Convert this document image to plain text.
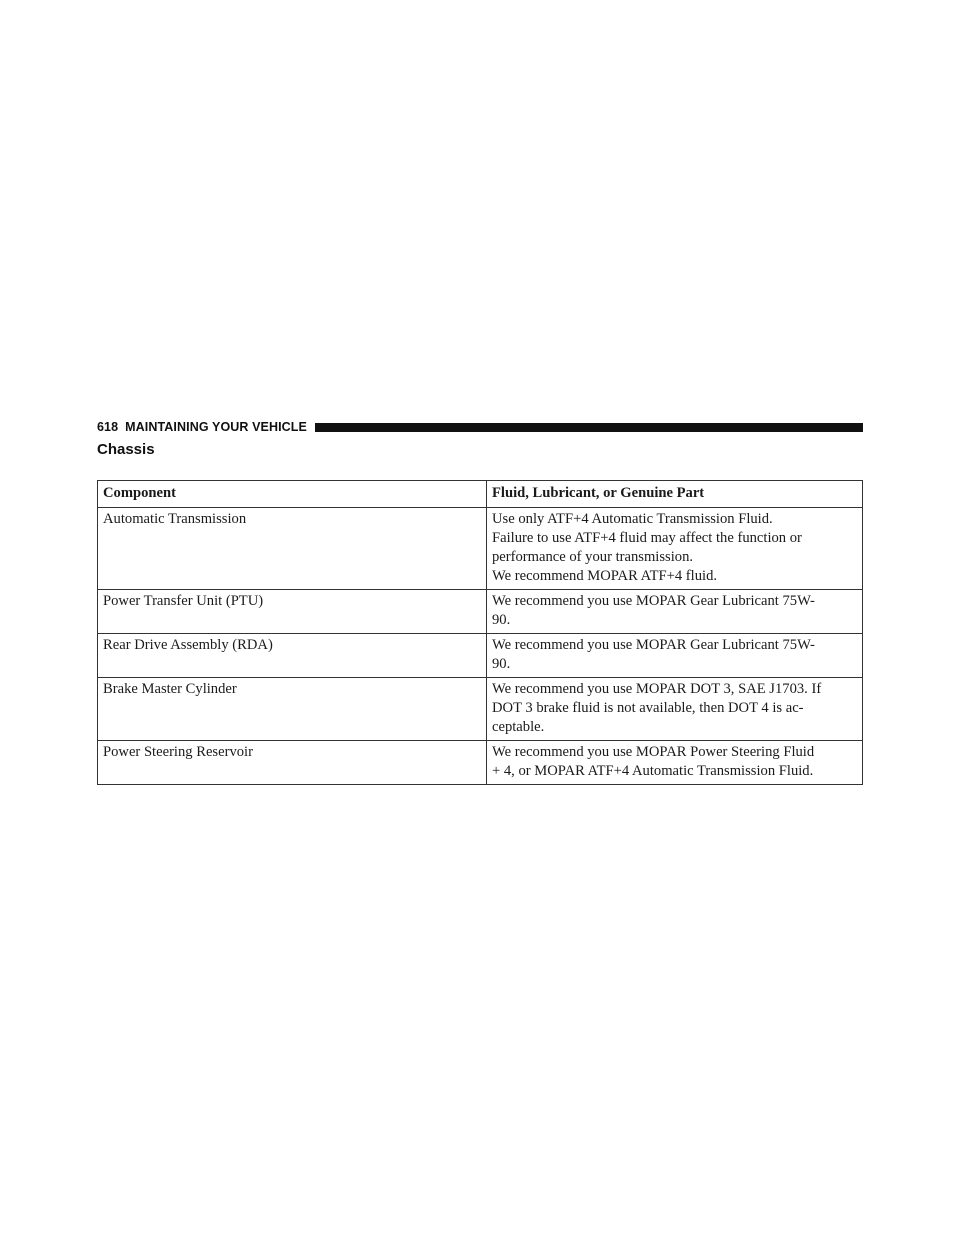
618 MAINTAINING YOUR VEHICLE
Chassis
Component	Fluid, Lubricant, or Genuine Part
Automatic Transmission	Use only ATF+4 Automatic Transmission Fluid.
Failure to use ATF+4 fluid may affect the function or
performance of your transmission.
We recommend MOPAR ATF+4 fluid.

Power Transfer Unit (PTU)	We recommend you use MOPAR Gear Lubricant 75W-
90.

Rear Drive Assembly (RDA)	We recommend you use MOPAR Gear Lubricant 75W-
90.

Brake Master Cylinder	We recommend you use MOPAR DOT 3, SAE J1703. If
DOT 3 brake fluid is not available, then DOT 4 is ac-
ceptable.

Power Steering Reservoir	We recommend you use MOPAR Power Steering Fluid
+ 4, or MOPAR ATF+4 Automatic Transmission Fluid.
